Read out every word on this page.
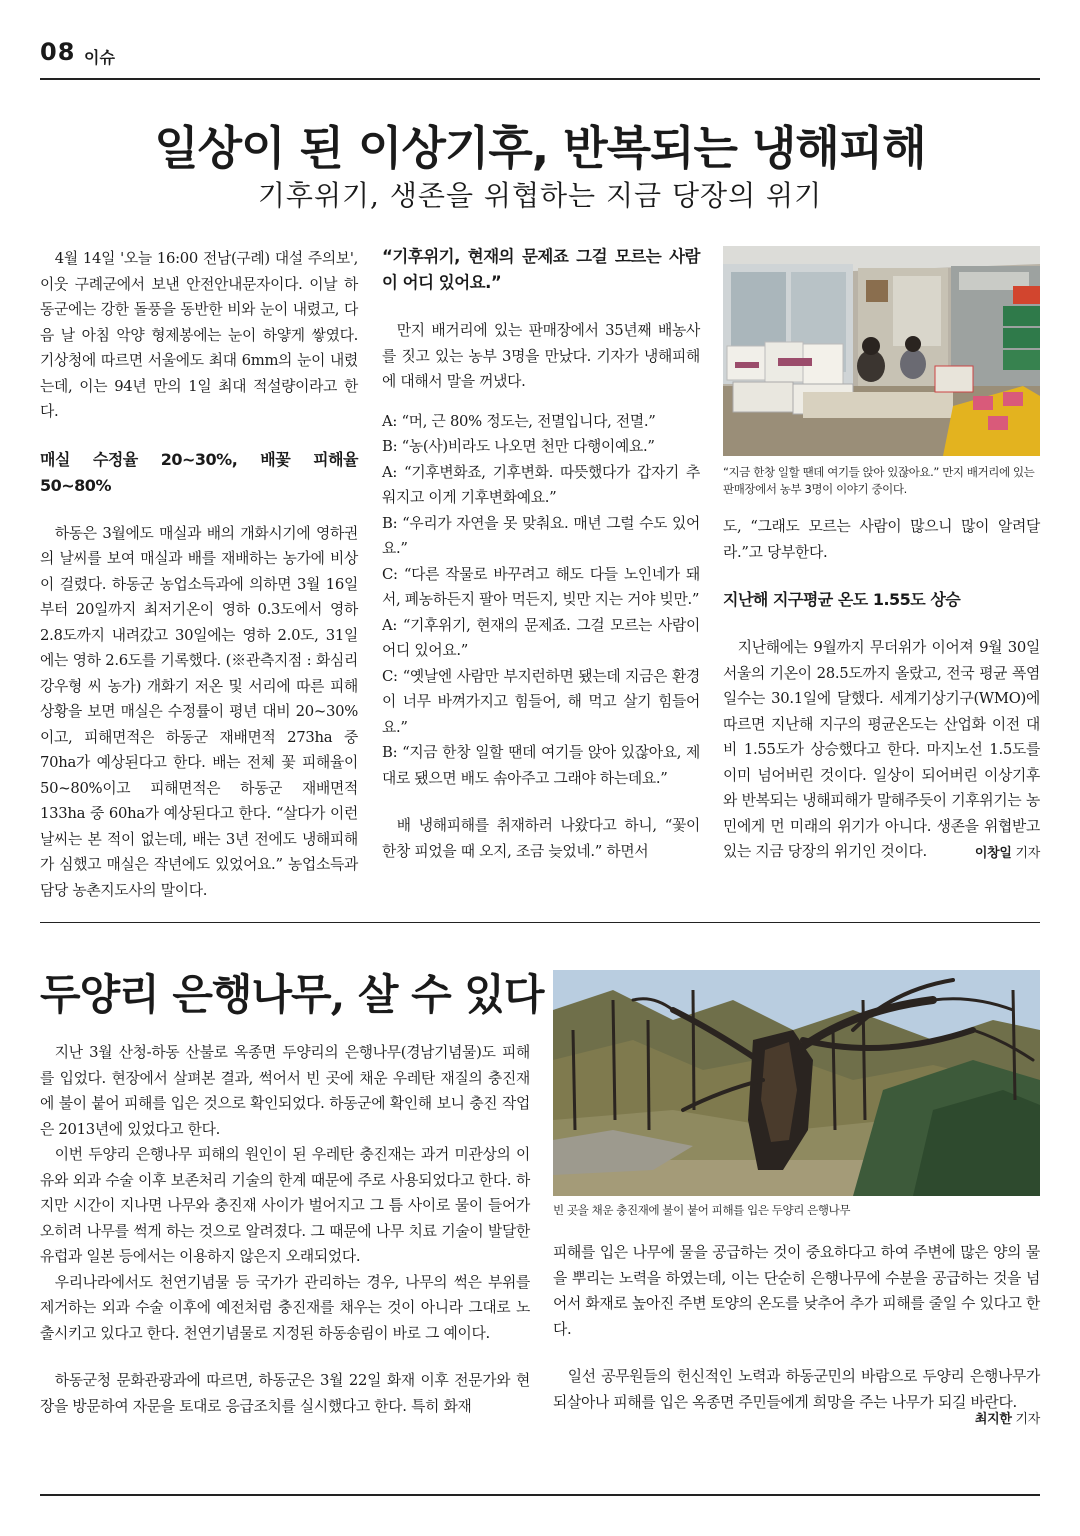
08 이슈
일상이 된 이상기후, 반복되는 냉해피해
기후위기, 생존을 위협하는 지금 당장의 위기

4월 14일 '오늘 16:00 전남(구례) 대설 주의보', 이웃 구례군에서 보낸 안전안내문자이다. 이날 하동군에는 강한 돌풍을 동반한 비와 눈이 내렸고, 다음 날 아침 악양 형제봉에는 눈이 하얗게 쌓였다. 기상청에 따르면 서울에도 최대 6mm의 눈이 내렸는데, 이는 94년 만의 1일 최대 적설량이라고 한다.

매실 수정율 20~30%, 배꽃 피해율 50~80%

하동은 3월에도 매실과 배의 개화시기에 영하권의 날씨를 보여 매실과 배를 재배하는 농가에 비상이 걸렸다. 하동군 농업소득과에 의하면 3월 16일부터 20일까지 최저기온이 영하 0.3도에서 영하 2.8도까지 내려갔고 30일에는 영하 2.0도, 31일에는 영하 2.6도를 기록했다. (※관측지점 : 화심리 강우형 씨 농가) 개화기 저온 및 서리에 따른 피해상황을 보면 매실은 수정률이 평년 대비 20~30%이고, 피해면적은 하동군 재배면적 273ha 중 70ha가 예상된다고 한다. 배는 전체 꽃 피해율이 50~80%이고 피해면적은 하동군 재배면적 133ha 중 60ha가 예상된다고 한다. “살다가 이런 날씨는 본 적이 없는데, 배는 3년 전에도 냉해피해가 심했고 매실은 작년에도 있었어요.” 농업소득과 담당 농촌지도사의 말이다.

“기후위기, 현재의 문제죠 그걸 모르는 사람이 어디 있어요.”

만지 배거리에 있는 판매장에서 35년째 배농사를 짓고 있는 농부 3명을 만났다. 기자가 냉해피해에 대해서 말을 꺼냈다.

A: “머, 근 80% 정도는, 전멸입니다, 전멸.”

B: “농(사)비라도 나오면 천만 다행이예요.”

A: “기후변화죠, 기후변화. 따뜻했다가 갑자기 추워지고 이게 기후변화예요.”

B: “우리가 자연을 못 맞춰요. 매년 그럴 수도 있어요.”

C: “다른 작물로 바꾸려고 해도 다들 노인네가 돼서, 폐농하든지 팔아 먹든지, 빚만 지는 거야 빚만.”

A: “기후위기, 현재의 문제죠. 그걸 모르는 사람이 어디 있어요.”

C: “옛날엔 사람만 부지런하면 됐는데 지금은 환경이 너무 바껴가지고 힘들어, 해 먹고 살기 힘들어요.”

B: “지금 한창 일할 땐데 여기들 앉아 있잖아요, 제대로 됐으면 배도 솎아주고 그래야 하는데요.”

배 냉해피해를 취재하러 나왔다고 하니, “꽃이 한창 피었을 때 오지, 조금 늦었네.” 하면서

“지금 한창 일할 땐데 여기들 앉아 있잖아요.” 만지 배거리에 있는 판매장에서 농부 3명이 이야기 중이다.

도, “그래도 모르는 사람이 많으니 많이 알려달라.”고 당부한다.

지난해 지구평균 온도 1.55도 상승

지난해에는 9월까지 무더위가 이어져 9월 30일 서울의 기온이 28.5도까지 올랐고, 전국 평균 폭염일수는 30.1일에 달했다. 세계기상기구(WMO)에 따르면 지난해 지구의 평균온도는 산업화 이전 대비 1.55도가 상승했다고 한다. 마지노선 1.5도를 이미 넘어버린 것이다. 일상이 되어버린 이상기후와 반복되는 냉해피해가 말해주듯이 기후위기는 농민에게 먼 미래의 위기가 아니다. 생존을 위협받고 있는 지금 당장의 위기인 것이다.	이창일 기자
두양리 은행나무, 살 수 있다

지난 3월 산청-하동 산불로 옥종면 두양리의 은행나무(경남기념물)도 피해를 입었다. 현장에서 살펴본 결과, 썩어서 빈 곳에 채운 우레탄 재질의 충진재에 불이 붙어 피해를 입은 것으로 확인되었다. 하동군에 확인해 보니 충진 작업은 2013년에 있었다고 한다.

이번 두양리 은행나무 피해의 원인이 된 우레탄 충진재는 과거 미관상의 이유와 외과 수술 이후 보존처리 기술의 한계 때문에 주로 사용되었다고 한다. 하지만 시간이 지나면 나무와 충진재 사이가 벌어지고 그 틈 사이로 물이 들어가 오히려 나무를 썩게 하는 것으로 알려졌다. 그 때문에 나무 치료 기술이 발달한 유럽과 일본 등에서는 이용하지 않은지 오래되었다.

우리나라에서도 천연기념물 등 국가가 관리하는 경우, 나무의 썩은 부위를 제거하는 외과 수술 이후에 예전처럼 충진재를 채우는 것이 아니라 그대로 노출시키고 있다고 한다. 천연기념물로 지정된 하동송림이 바로 그 예이다.

하동군청 문화관광과에 따르면, 하동군은 3월 22일 화재 이후 전문가와 현장을 방문하여 자문을 토대로 응급조치를 실시했다고 한다. 특히 화재

빈 곳을 채운 충진재에 불이 붙어 피해를 입은 두양리 은행나무

피해를 입은 나무에 물을 공급하는 것이 중요하다고 하여 주변에 많은 양의 물을 뿌리는 노력을 하였는데, 이는 단순히 은행나무에 수분을 공급하는 것을 넘어서 화재로 높아진 주변 토양의 온도를 낮추어 추가 피해를 줄일 수 있다고 한다.

일선 공무원들의 헌신적인 노력과 하동군민의 바람으로 두양리 은행나무가 되살아나 피해를 입은 옥종면 주민들에게 희망을 주는 나무가 되길 바란다.

최지한 기자
